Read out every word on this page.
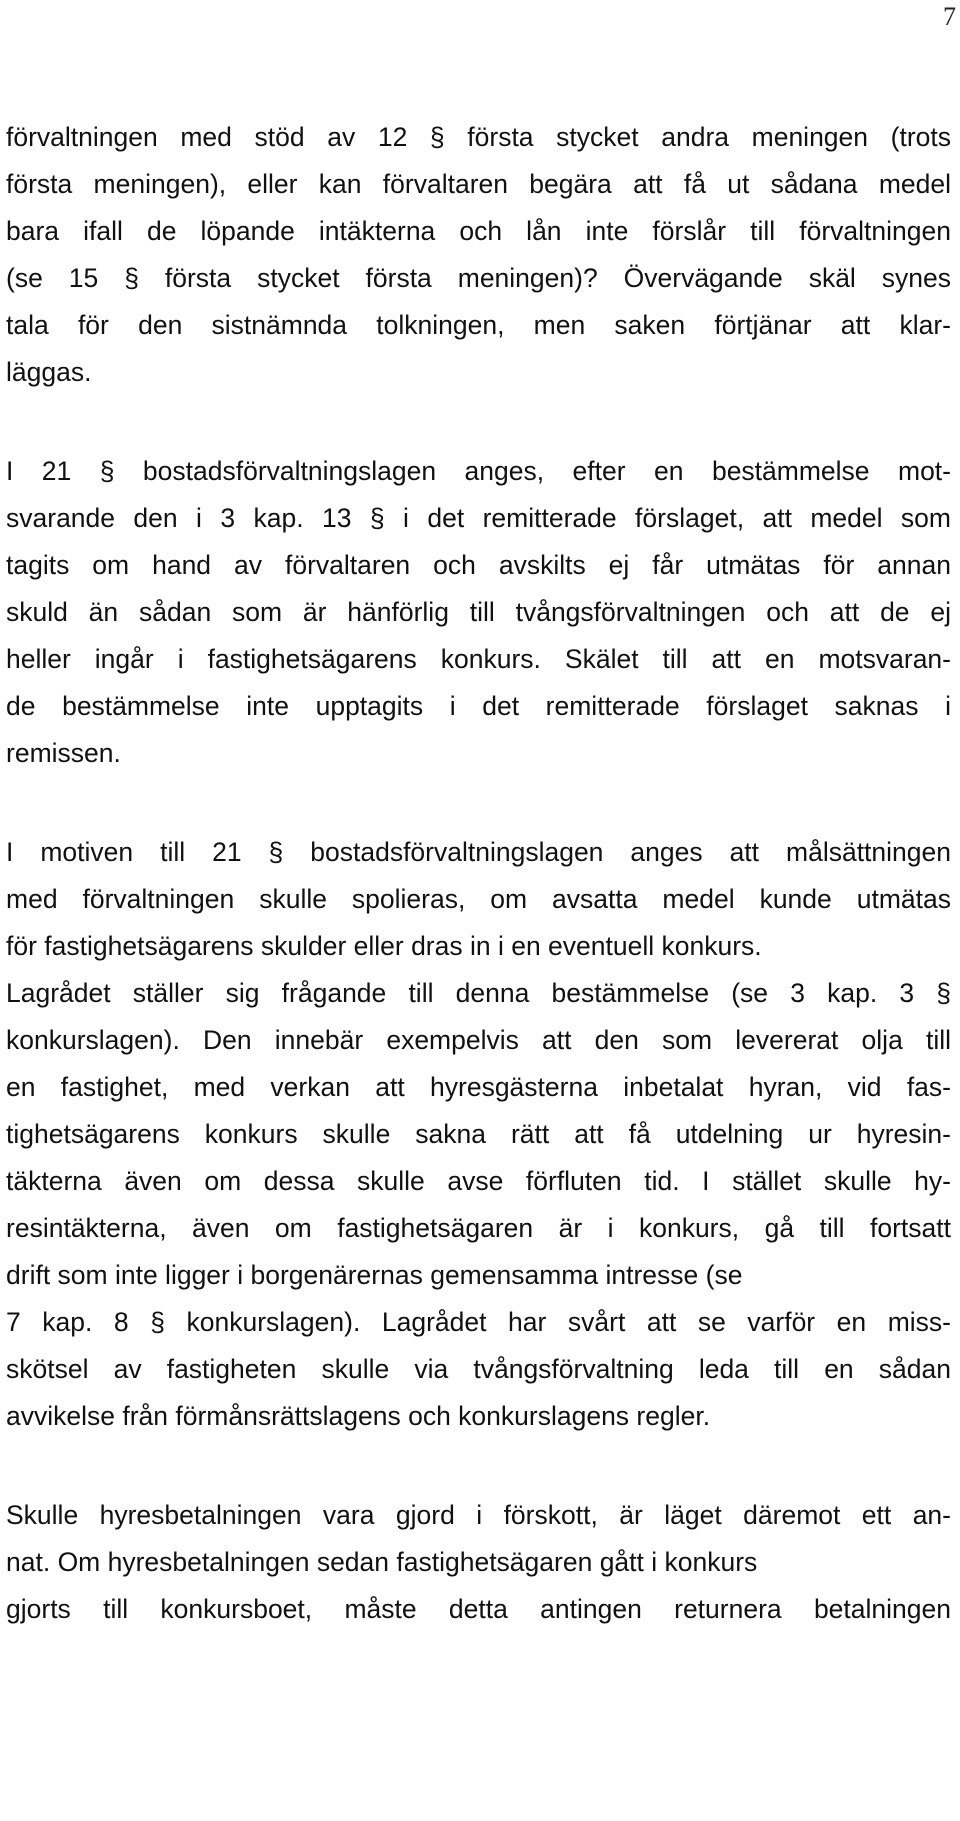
7
förvaltningen med stöd av 12 § första stycket andra meningen (trots
första meningen), eller kan förvaltaren begära att få ut sådana medel
bara ifall de löpande intäkterna och lån inte förslår till förvaltningen
(se 15 § första stycket första meningen)? Övervägande skäl synes
tala för den sistnämnda tolkningen, men saken förtjänar att klar-
läggas.
I 21 § bostadsförvaltningslagen anges, efter en bestämmelse mot-
svarande den i 3 kap. 13 § i det remitterade förslaget, att medel som
tagits om hand av förvaltaren och avskilts ej får utmätas för annan
skuld än sådan som är hänförlig till tvångsförvaltningen och att de ej
heller ingår i fastighetsägarens konkurs. Skälet till att en motsvaran-
de bestämmelse inte upptagits i det remitterade förslaget saknas i
remissen.
I motiven till 21 § bostadsförvaltningslagen anges att målsättningen
med förvaltningen skulle spolieras, om avsatta medel kunde utmätas
för fastighetsägarens skulder eller dras in i en eventuell konkurs.
Lagrådet ställer sig frågande till denna bestämmelse (se 3 kap. 3 §
konkurslagen). Den innebär exempelvis att den som levererat olja till
en fastighet, med verkan att hyresgästerna inbetalat hyran, vid fas-
tighetsägarens konkurs skulle sakna rätt att få utdelning ur hyresin-
täkterna även om dessa skulle avse förfluten tid. I stället skulle hy-
resintäkterna, även om fastighetsägaren är i konkurs, gå till fortsatt
drift som inte ligger i borgenärernas gemensamma intresse (se
7 kap. 8 § konkurslagen). Lagrådet har svårt att se varför en miss-
skötsel av fastigheten skulle via tvångsförvaltning leda till en sådan
avvikelse från förmånsrättslagens och konkurslagens regler.
Skulle hyresbetalningen vara gjord i förskott, är läget däremot ett an-
nat. Om hyresbetalningen sedan fastighetsägaren gått i konkurs
gjorts till konkursboet, måste detta antingen returnera betalningen
